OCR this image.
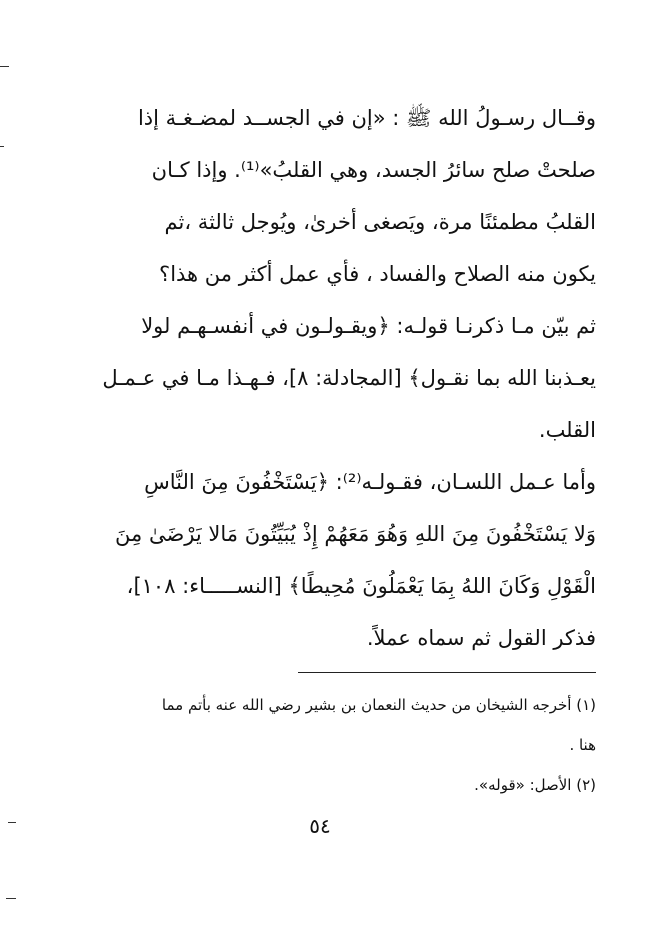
وقــال رسـولُ الله ﷺ : «إن في الجســد لمضـغـة إذا
صلحتْ صلح سائرُ الجسد، وهي القلبُ»⁽¹⁾. وإذا كـان
القلبُ مطمئنًا مرة، ويَصغى أخرىٰ، ويُوجل ثالثة ،ثم
يكون منه الصلاح والفساد ، فأي عمل أكثر من هذا؟
ثم بيّن مـا ذكرنـا قولـه: ﴿ويقـولـون في أنفسـهـم لولا
يعـذبنا الله بما نقـول﴾ [المجادلة: ٨]، فـهـذا مـا في عـمـل
القلب.
وأما عـمل اللسـان، فقـولـه⁽²⁾: ﴿يَسْتَخْفُونَ مِنَ النَّاسِ
وَلا يَسْتَخْفُونَ مِنَ اللهِ وَهُوَ مَعَهُمْ إِذْ يُبَيِّتُونَ مَالا يَرْضَىٰ مِنَ
الْقَوْلِ وَكَانَ اللهُ بِمَا يَعْمَلُونَ مُحِيطًا﴾ [النســـــاء: ١٠٨]،
فذكر القول ثم سماه عملاً.
(١) أخرجه الشيخان من حديث النعمان بن بشير رضي الله عنه بأتم مما
هنا .
(٢) الأصل: «قوله».
٥٤
